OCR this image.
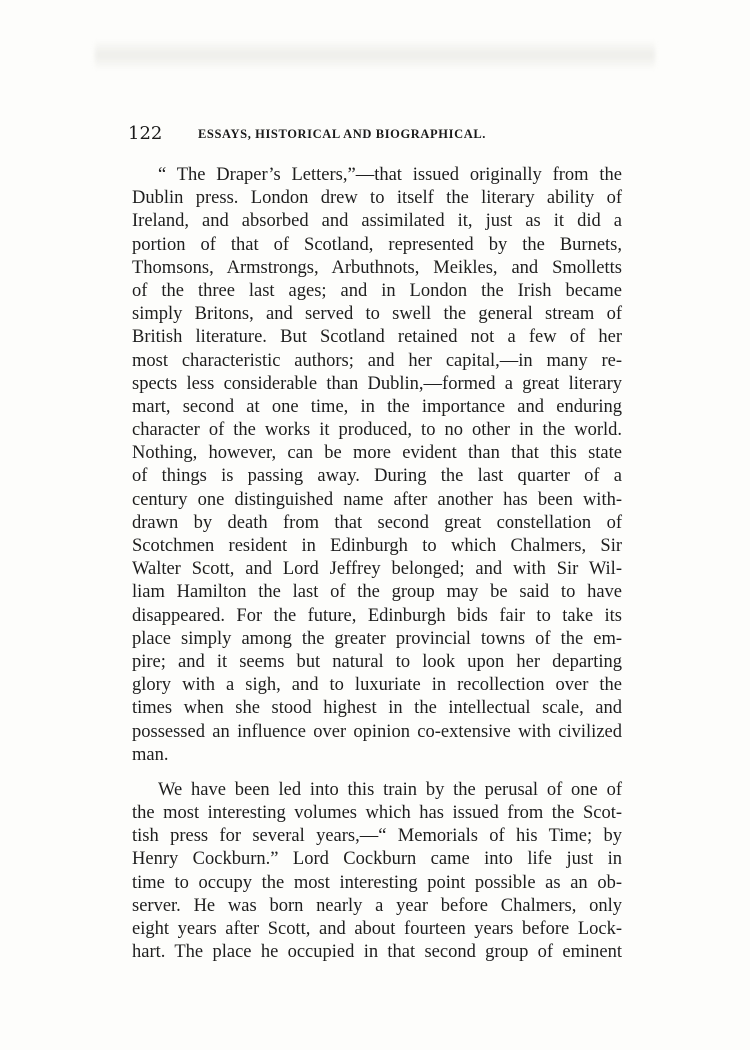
122	ESSAYS, HISTORICAL AND BIOGRAPHICAL.
“ The Draper’s Letters,”—that issued originally from the
Dublin press. London drew to itself the literary ability of
Ireland, and absorbed and assimilated it, just as it did a
portion of that of Scotland, represented by the Burnets,
Thomsons, Armstrongs, Arbuthnots, Meikles, and Smolletts
of the three last ages; and in London the Irish became
simply Britons, and served to swell the general stream of
British literature. But Scotland retained not a few of her
most characteristic authors; and her capital,—in many re-
spects less considerable than Dublin,—formed a great literary
mart, second at one time, in the importance and enduring
character of the works it produced, to no other in the world.
Nothing, however, can be more evident than that this state
of things is passing away. During the last quarter of a
century one distinguished name after another has been with-
drawn by death from that second great constellation of
Scotchmen resident in Edinburgh to which Chalmers, Sir
Walter Scott, and Lord Jeffrey belonged; and with Sir Wil-
liam Hamilton the last of the group may be said to have
disappeared. For the future, Edinburgh bids fair to take its
place simply among the greater provincial towns of the em-
pire; and it seems but natural to look upon her departing
glory with a sigh, and to luxuriate in recollection over the
times when she stood highest in the intellectual scale, and
possessed an influence over opinion co-extensive with civilized
man.
We have been led into this train by the perusal of one of
the most interesting volumes which has issued from the Scot-
tish press for several years,—“ Memorials of his Time; by
Henry Cockburn.” Lord Cockburn came into life just in
time to occupy the most interesting point possible as an ob-
server. He was born nearly a year before Chalmers, only
eight years after Scott, and about fourteen years before Lock-
hart. The place he occupied in that second group of eminent
